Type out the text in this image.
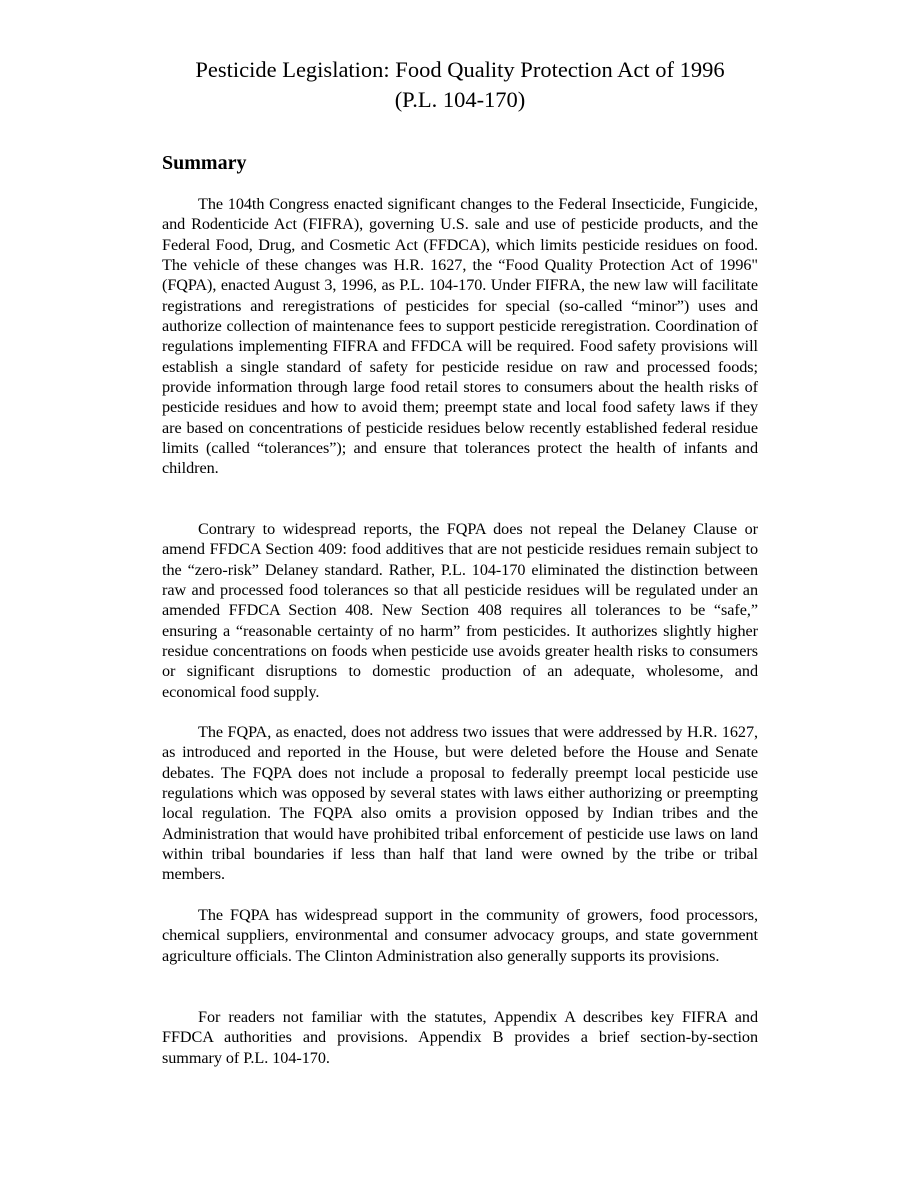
Pesticide Legislation: Food Quality Protection Act of 1996
(P.L. 104-170)
Summary

The 104th Congress enacted significant changes to the Federal Insecticide, Fungicide, and Rodenticide Act (FIFRA), governing U.S. sale and use of pesticide products, and the Federal Food, Drug, and Cosmetic Act (FFDCA), which limits pesticide residues on food. The vehicle of these changes was H.R. 1627, the “Food Quality Protection Act of 1996" (FQPA), enacted August 3, 1996, as P.L. 104-170. Under FIFRA, the new law will facilitate registrations and reregistrations of pesticides for special (so-called “minor”) uses and authorize collection of maintenance fees to support pesticide reregistration. Coordination of regulations implementing FIFRA and FFDCA will be required. Food safety provisions will establish a single standard of safety for pesticide residue on raw and processed foods; provide information through large food retail stores to consumers about the health risks of pesticide residues and how to avoid them; preempt state and local food safety laws if they are based on concentrations of pesticide residues below recently established federal residue limits (called “tolerances”); and ensure that tolerances protect the health of infants and children.

Contrary to widespread reports, the FQPA does not repeal the Delaney Clause or amend FFDCA Section 409: food additives that are not pesticide residues remain subject to the “zero-risk” Delaney standard. Rather, P.L. 104-170 eliminated the distinction between raw and processed food tolerances so that all pesticide residues will be regulated under an amended FFDCA Section 408. New Section 408 requires all tolerances to be “safe,” ensuring a “reasonable certainty of no harm” from pesticides. It authorizes slightly higher residue concentrations on foods when pesticide use avoids greater health risks to consumers or significant disruptions to domestic production of an adequate, wholesome, and economical food supply.

The FQPA, as enacted, does not address two issues that were addressed by H.R. 1627, as introduced and reported in the House, but were deleted before the House and Senate debates. The FQPA does not include a proposal to federally preempt local pesticide use regulations which was opposed by several states with laws either authorizing or preempting local regulation. The FQPA also omits a provision opposed by Indian tribes and the Administration that would have prohibited tribal enforcement of pesticide use laws on land within tribal boundaries if less than half that land were owned by the tribe or tribal members.

The FQPA has widespread support in the community of growers, food processors, chemical suppliers, environmental and consumer advocacy groups, and state government agriculture officials. The Clinton Administration also generally supports its provisions.

For readers not familiar with the statutes, Appendix A describes key FIFRA and FFDCA authorities and provisions. Appendix B provides a brief section-by-section summary of P.L. 104-170.
